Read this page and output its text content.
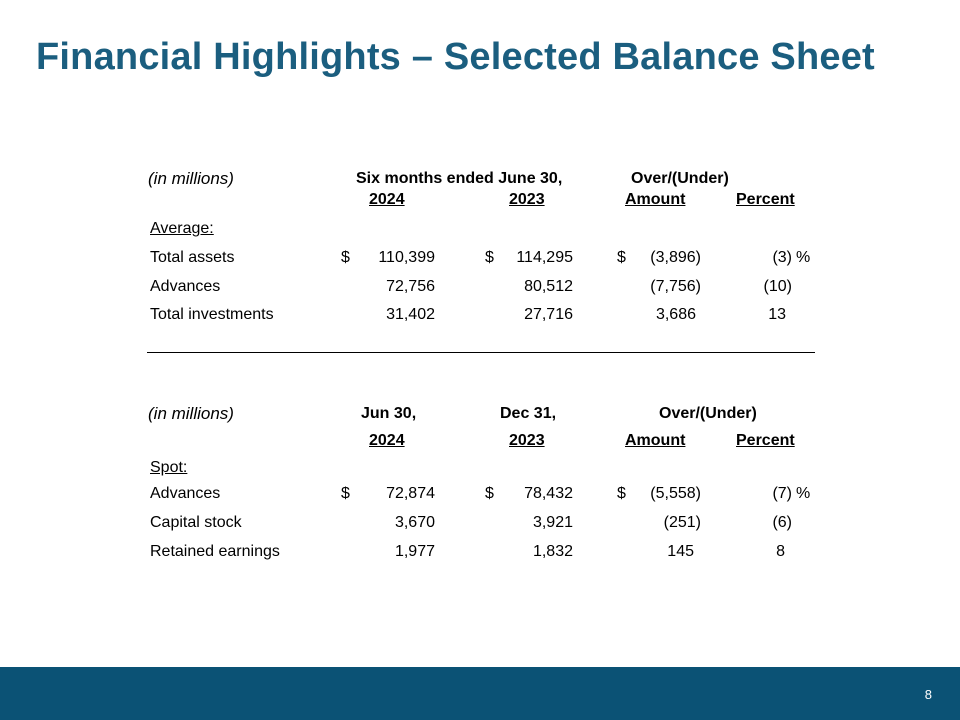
Financial Highlights – Selected Balance Sheet
(in millions)	Six months ended June 30,	Over/(Under)
2024	2023	Amount	Percent
Average:
Total assets	$	110,399	$	114,295	$	(3,896)	(3) %
Advances	72,756	80,512	(7,756)	(10)
Total investments	31,402	27,716	3,686	13
(in millions)	Jun 30,	Dec 31,	Over/(Under)
2024	2023	Amount	Percent
Spot:
Advances	$	72,874	$	78,432	$	(5,558)	(7) %
Capital stock	3,670	3,921	(251)	(6)
Retained earnings	1,977	1,832	145	8
8
